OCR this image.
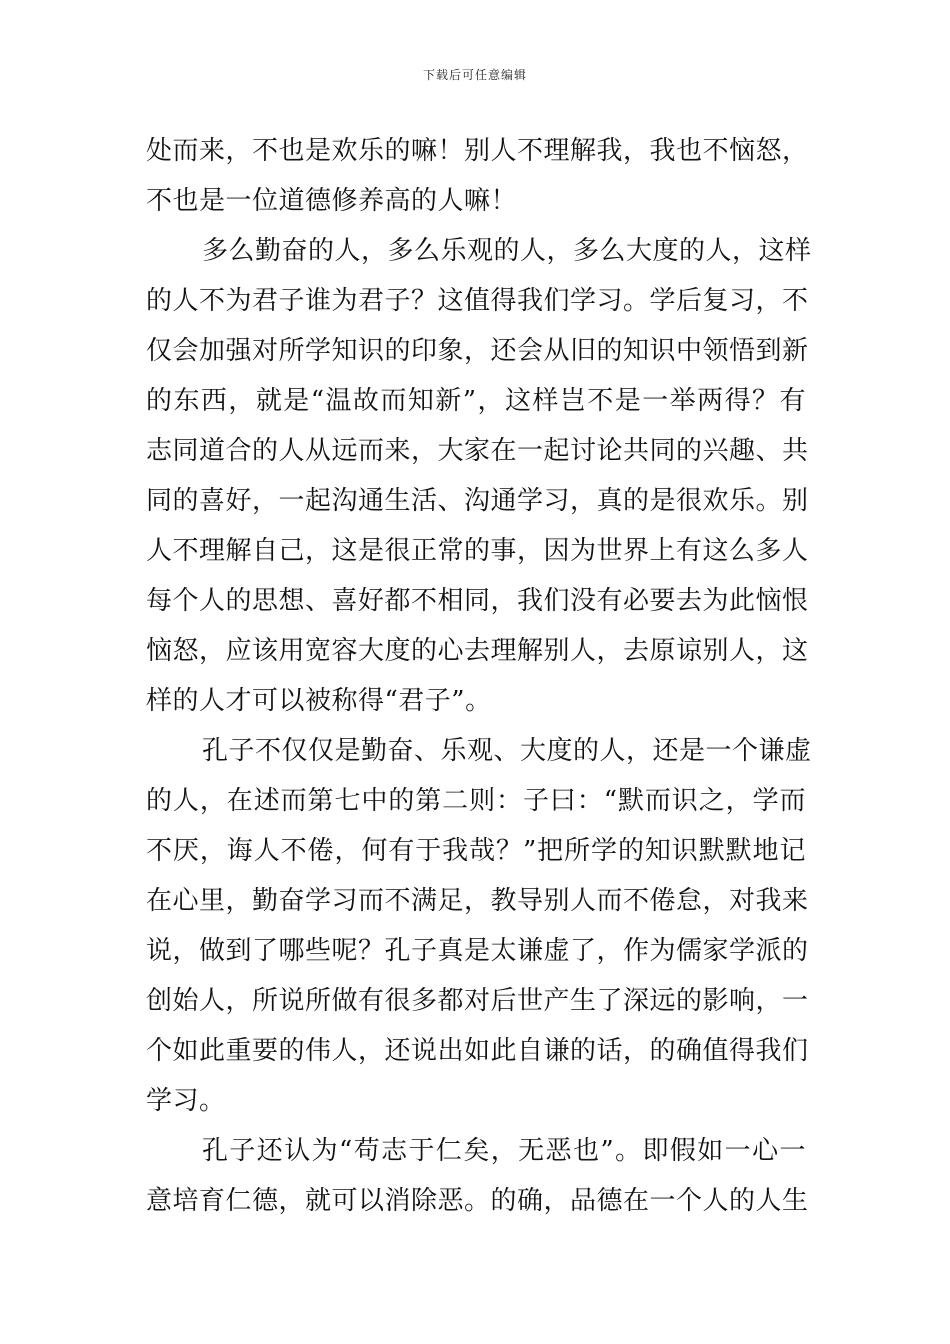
下载后可任意编辑
处而来，不也是欢乐的嘛！别人不理解我，我也不恼怒，
不也是一位道德修养高的人嘛！
多么勤奋的人，多么乐观的人，多么大度的人，这样
的人不为君子谁为君子？这值得我们学习。学后复习，不
仅会加强对所学知识的印象，还会从旧的知识中领悟到新
的东西，就是“温故而知新”，这样岂不是一举两得？有
志同道合的人从远而来，大家在一起讨论共同的兴趣、共
同的喜好，一起沟通生活、沟通学习，真的是很欢乐。别
人不理解自己，这是很正常的事，因为世界上有这么多人
每个人的思想、喜好都不相同，我们没有必要去为此恼恨
恼怒，应该用宽容大度的心去理解别人，去原谅别人，这
样的人才可以被称得“君子”。
孔子不仅仅是勤奋、乐观、大度的人，还是一个谦虚
的人，在述而第七中的第二则：子曰：“默而识之，学而
不厌，诲人不倦，何有于我哉？”把所学的知识默默地记
在心里，勤奋学习而不满足，教导别人而不倦怠，对我来
说，做到了哪些呢？孔子真是太谦虚了，作为儒家学派的
创始人，所说所做有很多都对后世产生了深远的影响，一
个如此重要的伟人，还说出如此自谦的话，的确值得我们
学习。
孔子还认为“苟志于仁矣，无恶也”。即假如一心一
意培育仁德，就可以消除恶。的确，品德在一个人的人生
